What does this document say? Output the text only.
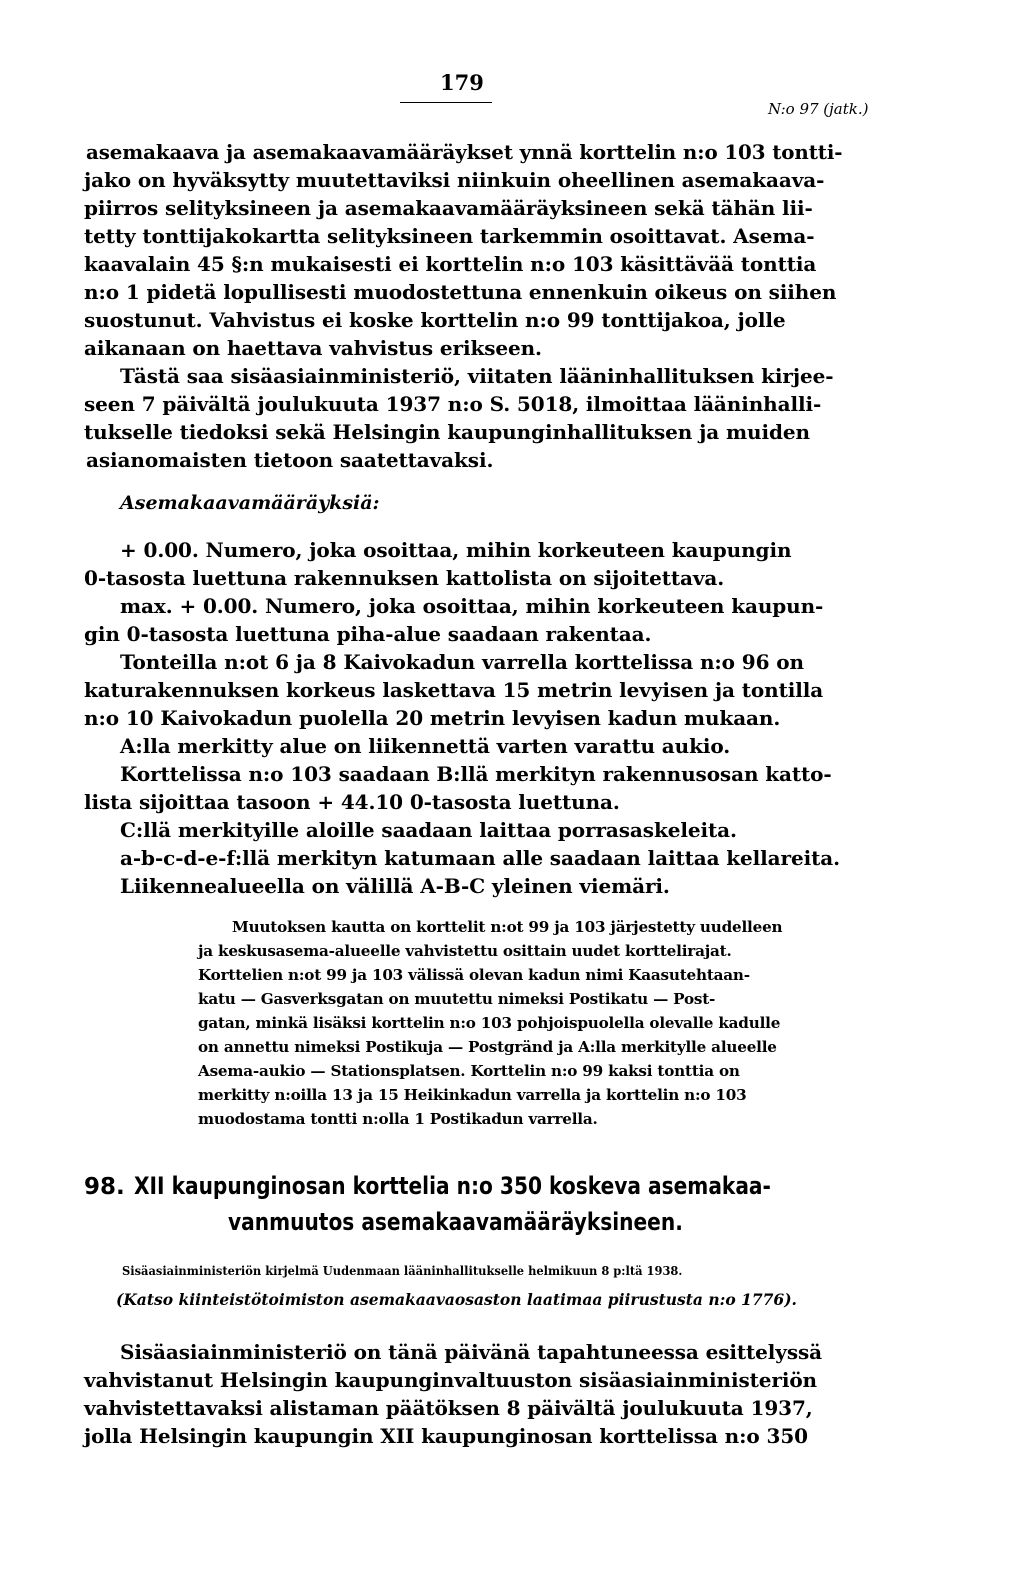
179
N:o 97 (jatk.)
asemakaava ja asemakaavamääräykset ynnä korttelin n:o 103 tontti-
jako on hyväksytty muutettaviksi niinkuin oheellinen asemakaava-
piirros selityksineen ja asemakaavamääräyksineen sekä tähän lii-
tetty tonttijakokartta selityksineen tarkemmin osoittavat. Asema-
kaavalain 45 §:n mukaisesti ei korttelin n:o 103 käsittävää tonttia
n:o 1 pidetä lopullisesti muodostettuna ennenkuin oikeus on siihen
suostunut. Vahvistus ei koske korttelin n:o 99 tonttijakoa, jolle
aikanaan on haettava vahvistus erikseen.
Tästä saa sisäasiainministeriö, viitaten lääninhallituksen kirjee-
seen 7 päivältä joulukuuta 1937 n:o S. 5018, ilmoittaa lääninhalli-
tukselle tiedoksi sekä Helsingin kaupunginhallituksen ja muiden
asianomaisten tietoon saatettavaksi.
Asemakaavamääräyksiä:
+ 0.00. Numero, joka osoittaa, mihin korkeuteen kaupungin
0-tasosta luettuna rakennuksen kattolista on sijoitettava.
max. + 0.00. Numero, joka osoittaa, mihin korkeuteen kaupun-
gin 0-tasosta luettuna piha-alue saadaan rakentaa.
Tonteilla n:ot 6 ja 8 Kaivokadun varrella korttelissa n:o 96 on
katurakennuksen korkeus laskettava 15 metrin levyisen ja tontilla
n:o 10 Kaivokadun puolella 20 metrin levyisen kadun mukaan.
A:lla merkitty alue on liikennettä varten varattu aukio.
Korttelissa n:o 103 saadaan B:llä merkityn rakennusosan katto-
lista sijoittaa tasoon + 44.10 0-tasosta luettuna.
C:llä merkityille aloille saadaan laittaa porrasaskeleita.
a-b-c-d-e-f:llä merkityn katumaan alle saadaan laittaa kellareita.
Liikennealueella on välillä A-B-C yleinen viemäri.
Muutoksen kautta on korttelit n:ot 99 ja 103 järjestetty uudelleen
ja keskusasema-alueelle vahvistettu osittain uudet korttelirajat.
Korttelien n:ot 99 ja 103 välissä olevan kadun nimi Kaasutehtaan-
katu — Gasverksgatan on muutettu nimeksi Postikatu — Post-
gatan, minkä lisäksi korttelin n:o 103 pohjoispuolella olevalle kadulle
on annettu nimeksi Postikuja — Postgränd ja A:lla merkitylle alueelle
Asema-aukio — Stationsplatsen. Korttelin n:o 99 kaksi tonttia on
merkitty n:oilla 13 ja 15 Heikinkadun varrella ja korttelin n:o 103
muodostama tontti n:olla 1 Postikadun varrella.
98. XII kaupunginosan korttelia n:o 350 koskeva asemakaa-
vanmuutos asemakaavamääräyksineen.
Sisäasiainministeriön kirjelmä Uudenmaan lääninhallitukselle helmikuun 8 p:ltä 1938.
(Katso kiinteistötoimiston asemakaavaosaston laatimaa piirustusta n:o 1776).
Sisäasiainministeriö on tänä päivänä tapahtuneessa esittelyssä
vahvistanut Helsingin kaupunginvaltuuston sisäasiainministeriön
vahvistettavaksi alistaman päätöksen 8 päivältä joulukuuta 1937,
jolla Helsingin kaupungin XII kaupunginosan korttelissa n:o 350
